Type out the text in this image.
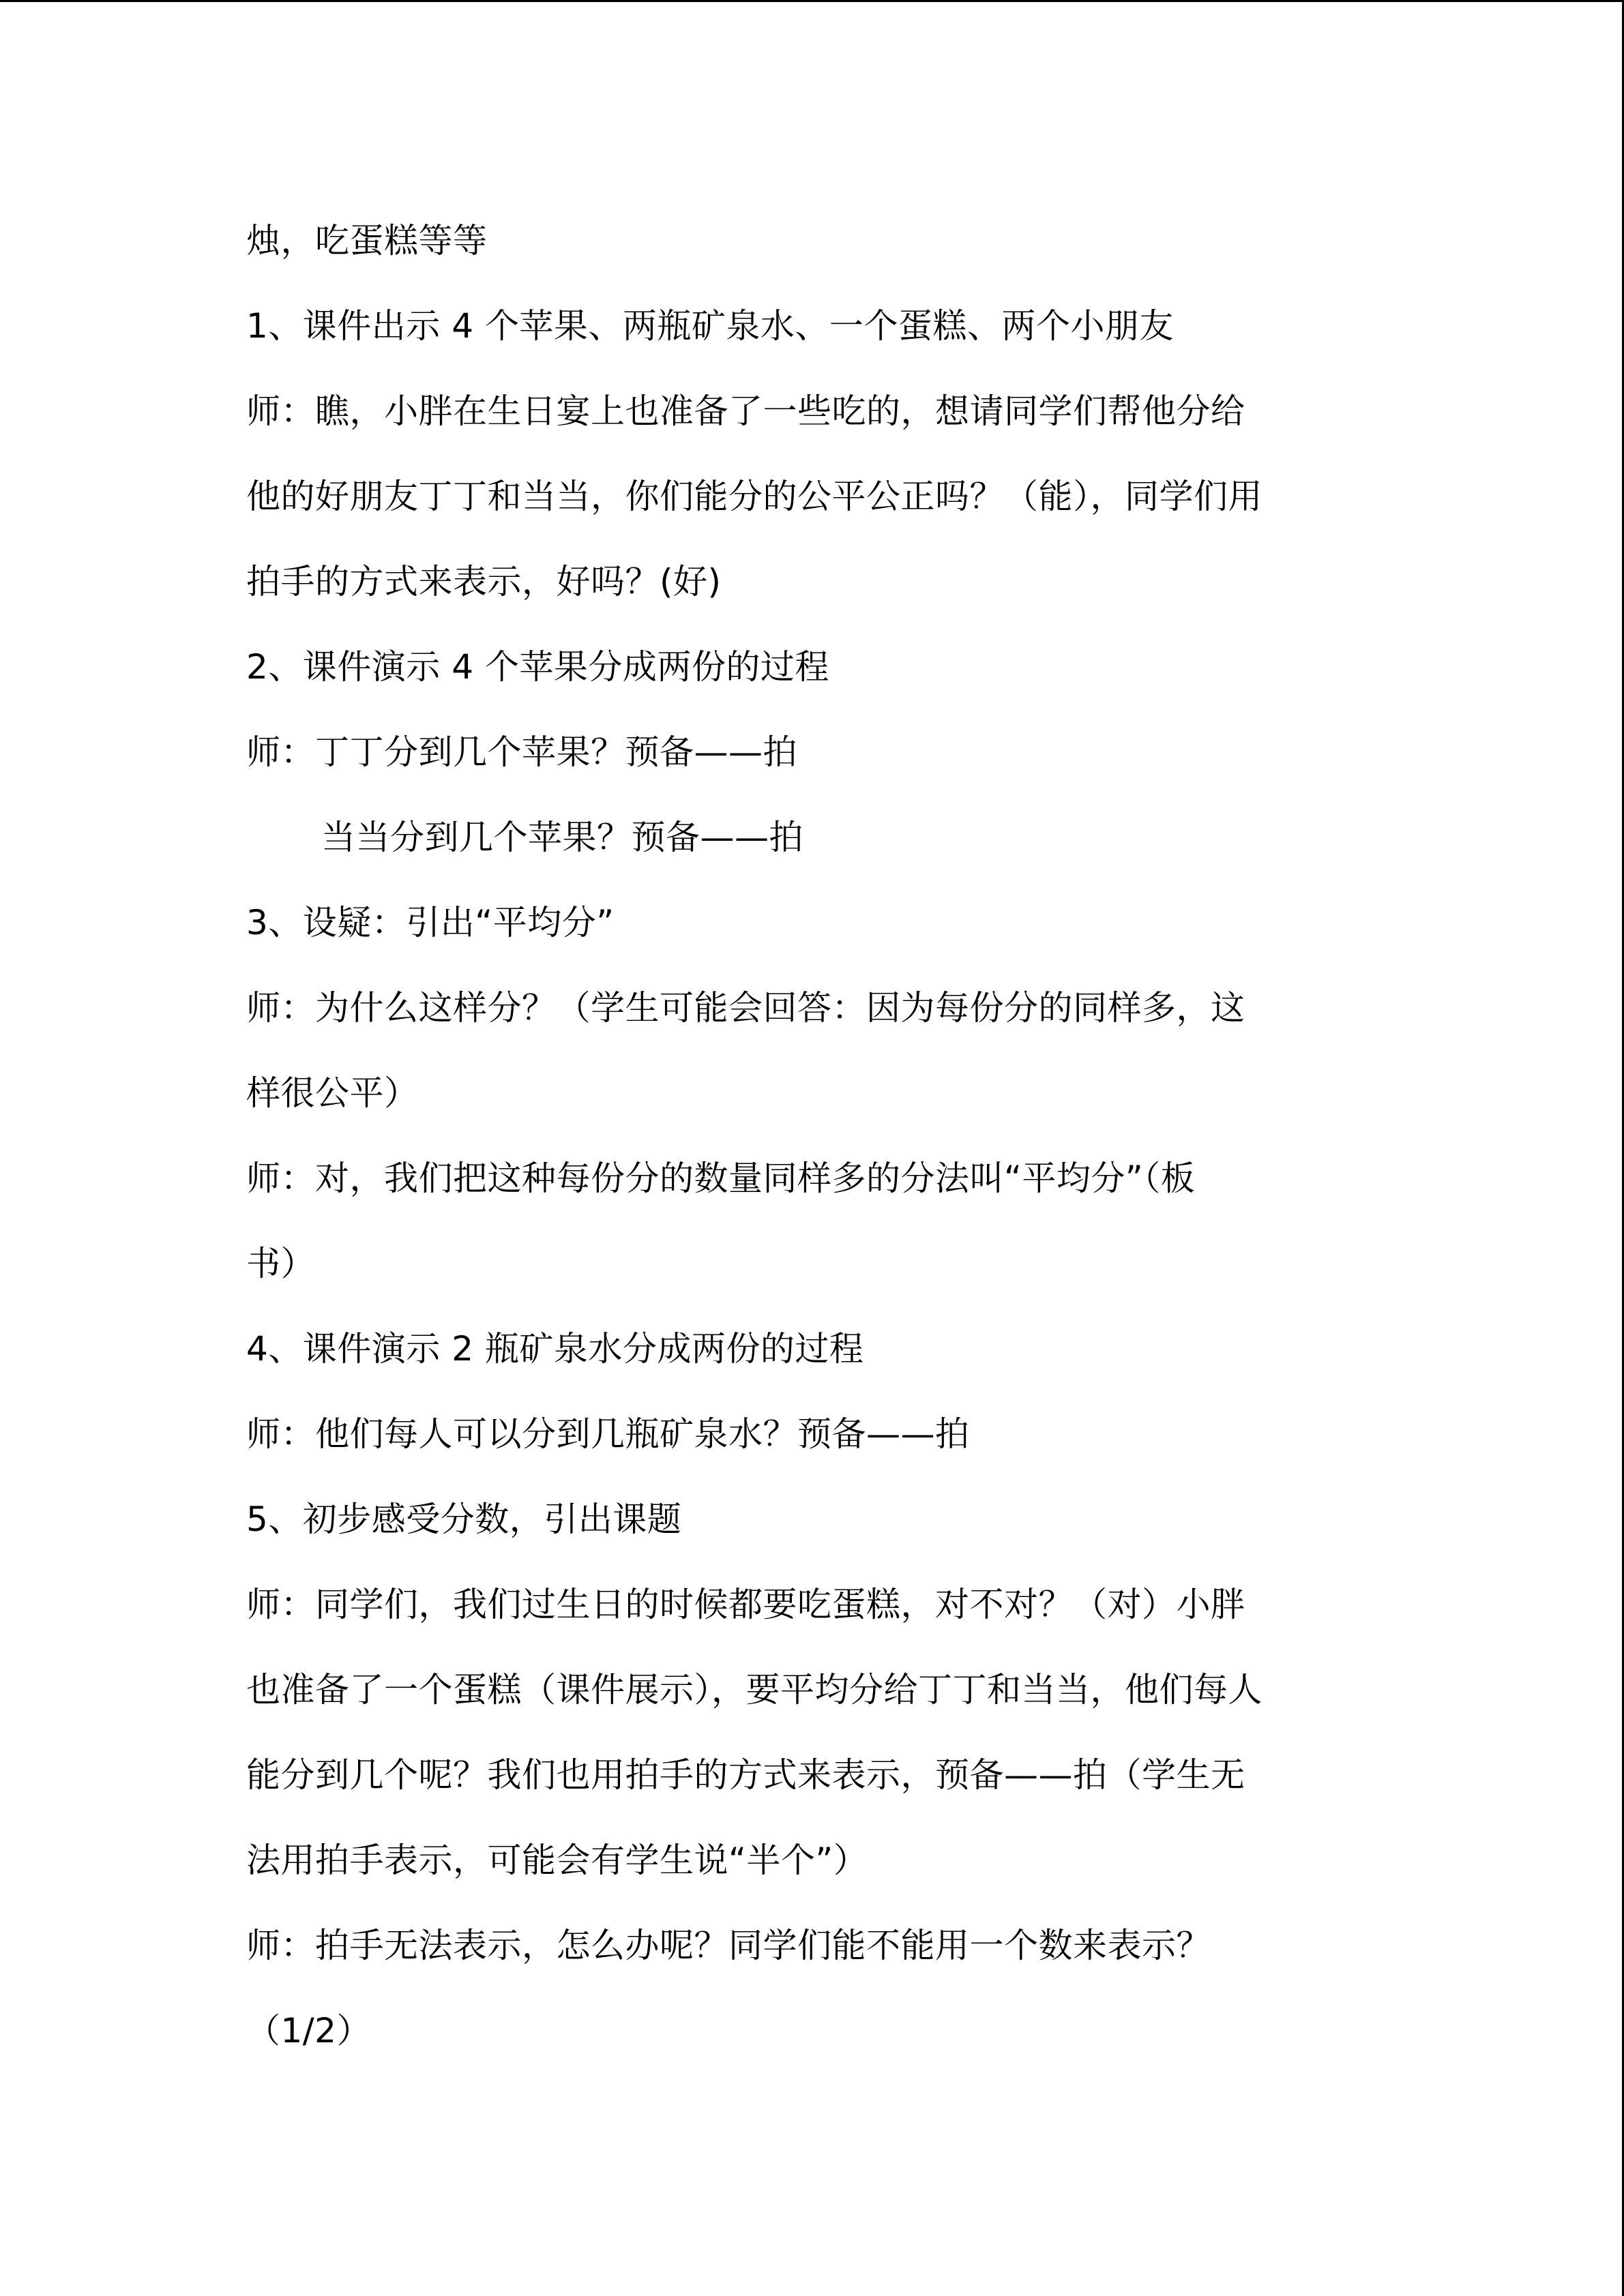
烛，吃蛋糕等等
1、课件出示 4 个苹果、两瓶矿泉水、一个蛋糕、两个小朋友
师：瞧，小胖在生日宴上也准备了一些吃的，想请同学们帮他分给
他的好朋友丁丁和当当，你们能分的公平公正吗？（能），同学们用
拍手的方式来表示，好吗？(好)
2、课件演示 4 个苹果分成两份的过程
师：丁丁分到几个苹果？预备——拍
当当分到几个苹果？预备——拍
3、设疑：引出“平均分”
师：为什么这样分？（学生可能会回答：因为每份分的同样多，这
样很公平）
师：对，我们把这种每份分的数量同样多的分法叫“平均分”（板
书）
4、课件演示 2 瓶矿泉水分成两份的过程
师：他们每人可以分到几瓶矿泉水？预备——拍
5、初步感受分数，引出课题
师：同学们，我们过生日的时候都要吃蛋糕，对不对？（对）小胖
也准备了一个蛋糕（课件展示），要平均分给丁丁和当当，他们每人
能分到几个呢？我们也用拍手的方式来表示，预备——拍（学生无
法用拍手表示，可能会有学生说“半个”）
师：拍手无法表示，怎么办呢？同学们能不能用一个数来表示？
（1/2）
